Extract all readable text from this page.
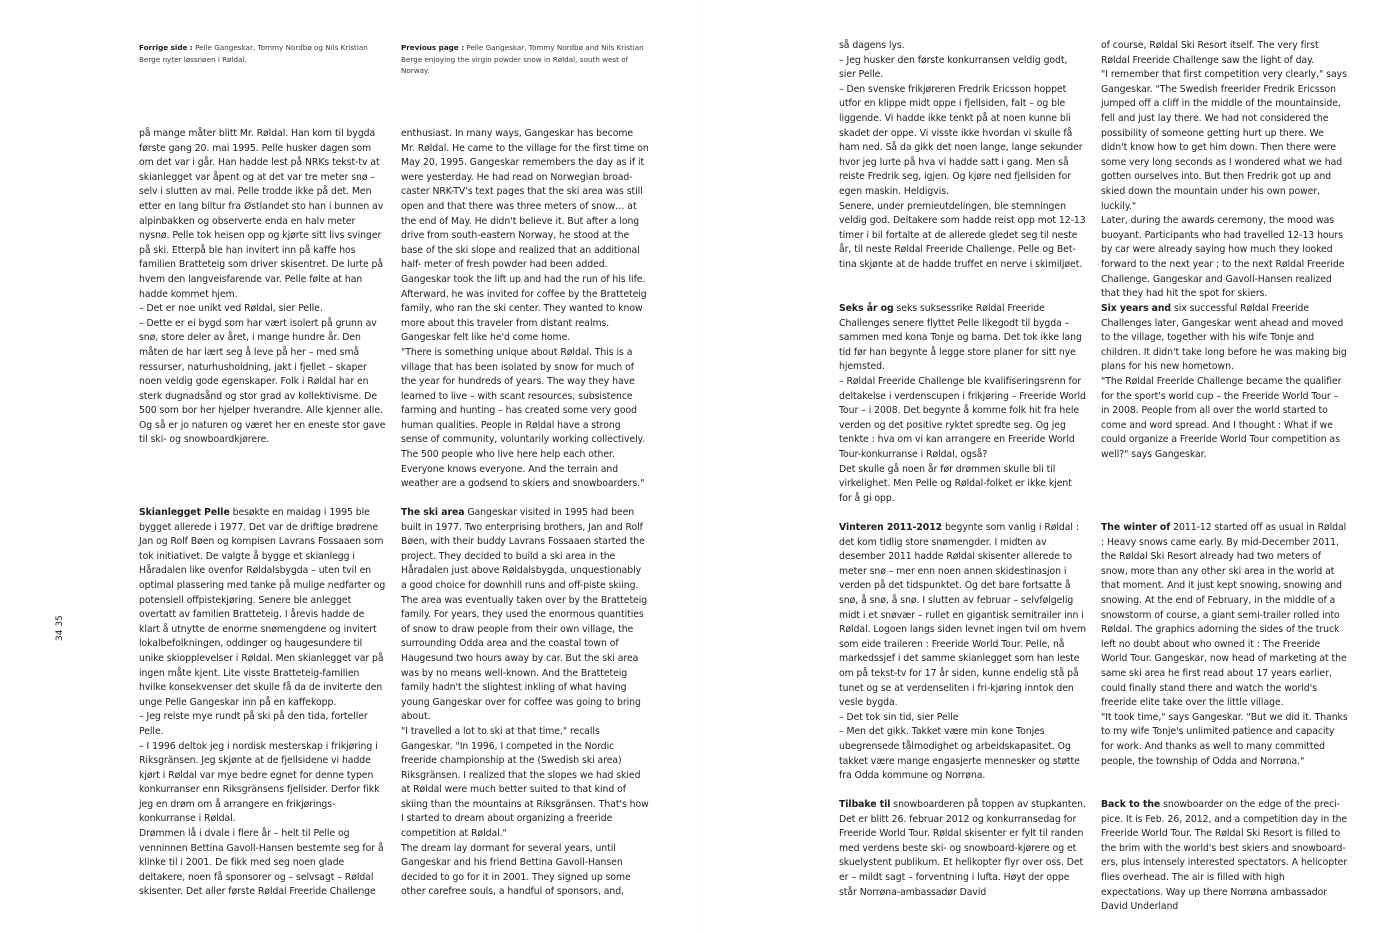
Forrige side : Pelle Gangeskar, Tommy Nordbø og Nils Kristian Berge nyter løssnøen i Røldal.

Previous page : Pelle Gangeskar, Tommy Nordbø and Nils Kristian Berge enjoying the virgin powder snow in Røldal, south west of Norway.

34 35

på mange måter blitt Mr. Røldal. Han kom til bygda første gang 20. mai 1995. Pelle husker dagen som om det var i går. Han hadde lest på NRKs tekst-tv at skianlegget var åpent og at det var tre meter snø – selv i slutten av mai. Pelle trodde ikke på det. Men etter en lang biltur fra Østlandet sto han i bunnen av alpinbakken og observerte enda en halv meter nysnø. Pelle tok heisen opp og kjørte sitt livs svinger på ski. Etterpå ble han invitert inn på kaffe hos familien Bratteteig som driver skisentret. De lurte på hvem den langveisfarende var. Pelle følte at han hadde kommet hjem.
– Det er noe unikt ved Røldal, sier Pelle.
– Dette er ei bygd som har vært isolert på grunn av snø, store deler av året, i mange hundre år. Den måten de har lært seg å leve på her – med små ressurser, naturhusholdning, jakt i fjellet – skaper noen veldig gode egenskaper. Folk i Røldal har en sterk dugnadsånd og stor grad av kollektivisme. De 500 som bor her hjelper hverandre. Alle kjenner alle. Og så er jo naturen og været her en eneste stor gave til ski- og snowboardkjørere.

Skianlegget Pelle besøkte en maidag i 1995 ble bygget allerede i 1977. Det var de driftige brødrene Jan og Rolf Bøen og kompisen Lavrans Fossaaen som tok initiativet. De valgte å bygge et skianlegg i Håradalen like ovenfor Røldalsbygda – uten tvil en optimal plassering med tanke på mulige nedfarter og potensiell offpistekjøring. Senere ble anlegget overtatt av familien Bratteteig. I årevis hadde de klart å utnytte de enorme snømengdene og invitert lokalbefolkningen, oddinger og haugesundere til unike skiopplevelser i Røldal. Men skianlegget var på ingen måte kjent. Lite visste Bratteteig-familien hvilke konsekvenser det skulle få da de inviterte den unge Pelle Gangeskar inn på en kaffekopp.
– Jeg reiste mye rundt på ski på den tida, forteller Pelle.
– I 1996 deltok jeg i nordisk mesterskap i frikjøring i Riksgränsen. Jeg skjønte at de fjellsidene vi hadde kjørt i Røldal var mye bedre egnet for denne typen konkurranser enn Riksgränsens fjellsider. Derfor fikk jeg en drøm om å arrangere en frikjørings-konkurranse i Røldal.
Drømmen lå i dvale i flere år – helt til Pelle og venninnen Bettina Gavoll-Hansen bestemte seg for å klinke til i 2001. De fikk med seg noen glade deltakere, noen få sponsorer og – selvsagt – Røldal skisenter. Det aller første Røldal Freeride Challenge

enthusiast. In many ways, Gangeskar has become Mr. Røldal. He came to the village for the first time on May 20, 1995. Gangeskar remembers the day as if it were yesterday. He had read on Norwegian broad-caster NRK-TV's text pages that the ski area was still open and that there was three meters of snow… at the end of May. He didn't believe it. But after a long drive from south-eastern Norway, he stood at the base of the ski slope and realized that an additional half- meter of fresh powder had been added. Gangeskar took the lift up and had the run of his life. Afterward, he was invited for coffee by the Bratteteig family, who ran the ski center. They wanted to know more about this traveler from distant realms. Gangeskar felt like he'd come home.
"There is something unique about Røldal. This is a village that has been isolated by snow for much of the year for hundreds of years. The way they have learned to live – with scant resources, subsistence farming and hunting – has created some very good human qualities. People in Røldal have a strong sense of community, voluntarily working collectively. The 500 people who live here help each other. Everyone knows everyone. And the terrain and weather are a godsend to skiers and snowboarders."

The ski area Gangeskar visited in 1995 had been built in 1977. Two enterprising brothers, Jan and Rolf Bøen, with their buddy Lavrans Fossaaen started the project. They decided to build a ski area in the Håradalen just above Røldalsbygda, unquestionably a good choice for downhill runs and off-piste skiing. The area was eventually taken over by the Bratteteig family. For years, they used the enormous quantities of snow to draw people from their own village, the surrounding Odda area and the coastal town of Haugesund two hours away by car. But the ski area was by no means well-known. And the Bratteteig family hadn't the slightest inkling of what having young Gangeskar over for coffee was going to bring about.
"I travelled a lot to ski at that time," recalls Gangeskar. "In 1996, I competed in the Nordic freeride championship at the (Swedish ski area) Riksgränsen. I realized that the slopes we had skied at Røldal were much better suited to that kind of skiing than the mountains at Riksgränsen. That's how I started to dream about organizing a freeride competition at Røldal."
The dream lay dormant for several years, until Gangeskar and his friend Bettina Gavoll-Hansen decided to go for it in 2001. They signed up some other carefree souls, a handful of sponsors, and,

så dagens lys.
– Jeg husker den første konkurransen veldig godt, sier Pelle.
– Den svenske frikjøreren Fredrik Ericsson hoppet utfor en klippe midt oppe i fjellsiden, falt – og ble liggende. Vi hadde ikke tenkt på at noen kunne bli skadet der oppe. Vi visste ikke hvordan vi skulle få ham ned. Så da gikk det noen lange, lange sekunder hvor jeg lurte på hva vi hadde satt i gang. Men så reiste Fredrik seg, igjen. Og kjøre ned fjellsiden for egen maskin. Heldigvis.
Senere, under premieutdelingen, ble stemningen veldig god. Deltakere som hadde reist opp mot 12-13 timer i bil fortalte at de allerede gledet seg til neste år, til neste Røldal Freeride Challenge. Pelle og Bet-tina skjønte at de hadde truffet en nerve i skimiljøet.

Seks år og seks suksessrike Røldal Freeride Challenges senere flyttet Pelle likegodt til bygda – sammen med kona Tonje og barna. Det tok ikke lang tid før han begynte å legge store planer for sitt nye hjemsted.
– Røldal Freeride Challenge ble kvalifiseringsrenn for deltakelse i verdenscupen i frikjøring – Freeride World Tour – i 2008. Det begynte å komme folk hit fra hele verden og det positive ryktet spredte seg. Og jeg tenkte : hva om vi kan arrangere en Freeride World Tour-konkurranse i Røldal, også?
Det skulle gå noen år før drømmen skulle bli til virkelighet. Men Pelle og Røldal-folket er ikke kjent for å gi opp.

Vinteren 2011-2012 begynte som vanlig i Røldal : det kom tidlig store snømengder. I midten av desember 2011 hadde Røldal skisenter allerede to meter snø – mer enn noen annen skidestinasjon i verden på det tidspunktet. Og det bare fortsatte å snø, å snø, å snø. I slutten av februar – selvfølgelig midt i et snøvær – rullet en gigantisk semitrailer inn i Røldal. Logoen langs siden levnet ingen tvil om hvem som eide traileren : Freeride World Tour. Pelle, nå markedssjef i det samme skianlegget som han leste om på tekst-tv for 17 år siden, kunne endelig stå på tunet og se at verdenseliten i fri-kjøring inntok den vesle bygda.
– Det tok sin tid, sier Pelle
– Men det gikk. Takket være min kone Tonjes ubegrensede tålmodighet og arbeidskapasitet. Og takket være mange engasjerte mennesker og støtte fra Odda kommune og Norrøna.

Tilbake til snowboarderen på toppen av stupkanten. Det er blitt 26. februar 2012 og konkurransedag for Freeride World Tour. Røldal skisenter er fylt til randen med verdens beste ski- og snowboard-kjørere og et skuelystent publikum. Et helikopter flyr over oss. Det er – mildt sagt – forventning i lufta. Høyt der oppe står Norrøna-ambassadør David

of course, Røldal Ski Resort itself. The very first Røldal Freeride Challenge saw the light of day.
"I remember that first competition very clearly," says Gangeskar. "The Swedish freerider Fredrik Ericsson jumped off a cliff in the middle of the mountainside, fell and just lay there. We had not considered the possibility of someone getting hurt up there. We didn't know how to get him down. Then there were some very long seconds as I wondered what we had gotten ourselves into. But then Fredrik got up and skied down the mountain under his own power, luckily."
Later, during the awards ceremony, the mood was buoyant. Participants who had travelled 12-13 hours by car were already saying how much they looked forward to the next year ; to the next Røldal Freeride Challenge. Gangeskar and Gavoll-Hansen realized that they had hit the spot for skiers.

Six years and six successful Røldal Freeride Challenges later, Gangeskar went ahead and moved to the village, together with his wife Tonje and children. It didn't take long before he was making big plans for his new hometown.
"The Røldal Freeride Challenge became the qualifier for the sport's world cup – the Freeride World Tour – in 2008. People from all over the world started to come and word spread. And I thought : What if we could organize a Freeride World Tour competition as well?" says Gangeskar.

The winter of 2011-12 started off as usual in Røldal : Heavy snows came early. By mid-December 2011, the Røldal Ski Resort already had two meters of snow, more than any other ski area in the world at that moment. And it just kept snowing, snowing and snowing. At the end of February, in the middle of a snowstorm of course, a giant semi-trailer rolled into Røldal. The graphics adorning the sides of the truck left no doubt about who owned it : The Freeride World Tour. Gangeskar, now head of marketing at the same ski area he first read about 17 years earlier, could finally stand there and watch the world's freeride elite take over the little village.
"It took time," says Gangeskar. "But we did it. Thanks to my wife Tonje's unlimited patience and capacity for work. And thanks as well to many committed people, the township of Odda and Norrøna."

Back to the snowboarder on the edge of the preci-pice. It is Feb. 26, 2012, and a competition day in the Freeride World Tour. The Røldal Ski Resort is filled to the brim with the world's best skiers and snowboard-ers, plus intensely interested spectators. A helicopter flies overhead. The air is filled with high expectations. Way up there Norrøna ambassador David Underland
